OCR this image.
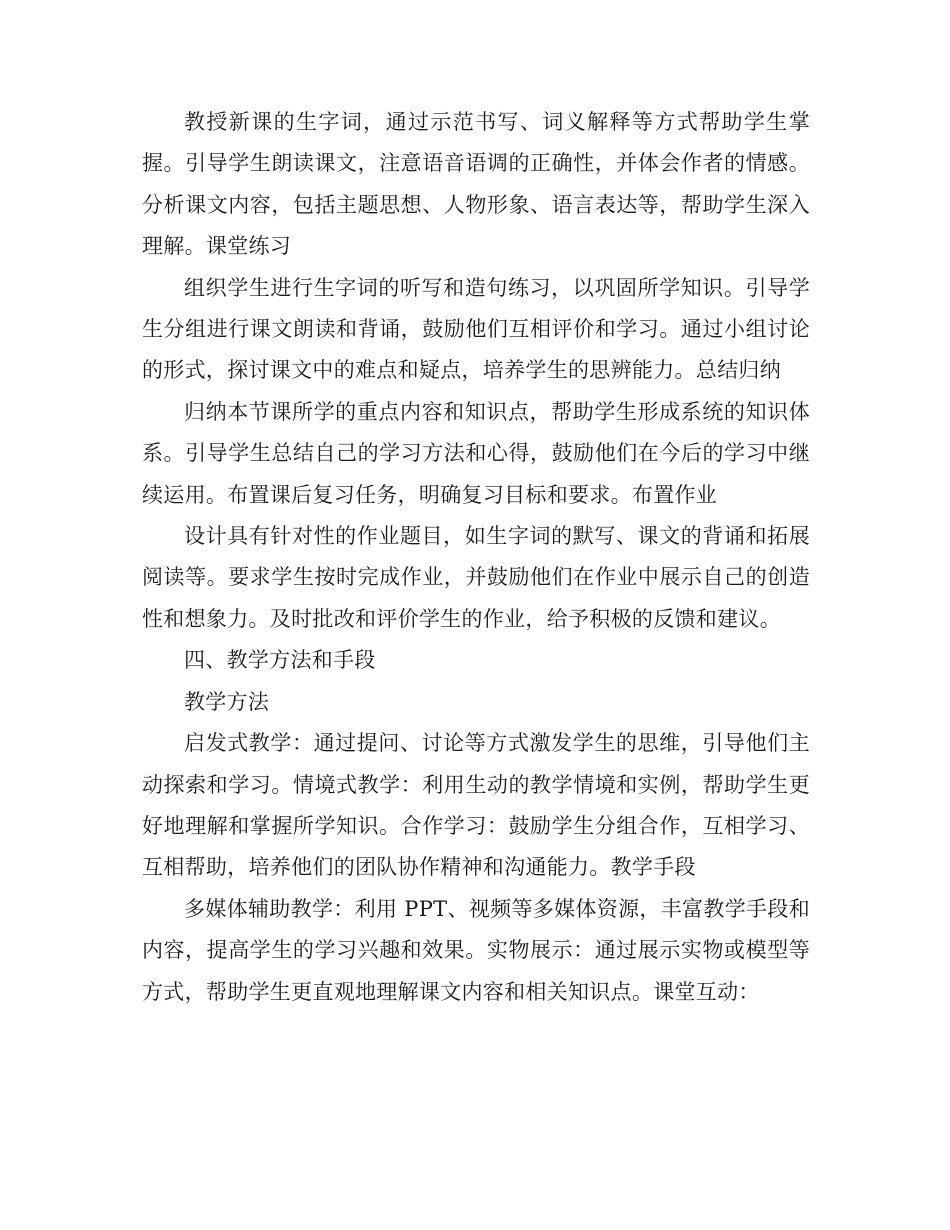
教授新课的生字词，通过示范书写、词义解释等方式帮助学生掌握。引导学生朗读课文，注意语音语调的正确性，并体会作者的情感。分析课文内容，包括主题思想、人物形象、语言表达等，帮助学生深入理解。课堂练习

组织学生进行生字词的听写和造句练习，以巩固所学知识。引导学生分组进行课文朗读和背诵，鼓励他们互相评价和学习。通过小组讨论的形式，探讨课文中的难点和疑点，培养学生的思辨能力。总结归纳

归纳本节课所学的重点内容和知识点，帮助学生形成系统的知识体系。引导学生总结自己的学习方法和心得，鼓励他们在今后的学习中继续运用。布置课后复习任务，明确复习目标和要求。布置作业

设计具有针对性的作业题目，如生字词的默写、课文的背诵和拓展阅读等。要求学生按时完成作业，并鼓励他们在作业中展示自己的创造性和想象力。及时批改和评价学生的作业，给予积极的反馈和建议。

四、教学方法和手段

教学方法

启发式教学：通过提问、讨论等方式激发学生的思维，引导他们主动探索和学习。情境式教学：利用生动的教学情境和实例，帮助学生更好地理解和掌握所学知识。合作学习：鼓励学生分组合作，互相学习、互相帮助，培养他们的团队协作精神和沟通能力。教学手段

多媒体辅助教学：利用 PPT、视频等多媒体资源，丰富教学手段和内容，提高学生的学习兴趣和效果。实物展示：通过展示实物或模型等方式，帮助学生更直观地理解课文内容和相关知识点。课堂互动：
